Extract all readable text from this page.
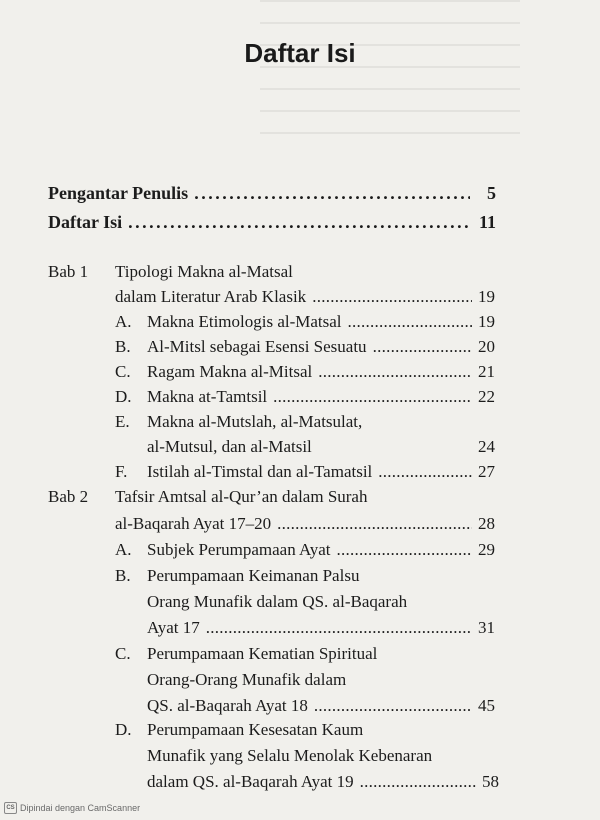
Daftar Isi
Pengantar Penulis . . .	5
Daftar Isi . . .	11
Bab 1 Tipologi Makna al-Matsal
dalam Literatur Arab Klasik . . .	19
A. Makna Etimologis al-Matsal . . .	19
B. Al-Mitsl sebagai Esensi Sesuatu . . .	20
C. Ragam Makna al-Mitsal . . .	21
D. Makna at-Tamtsil . . .	22
E. Makna al-Mutslah, al-Matsulat,
al-Mutsul, dan al-Matsil	24
F. Istilah al-Timstal dan al-Tamatsil . . .	27
Bab 2 Tafsir Amtsal al-Qur’an dalam Surah
al-Baqarah Ayat 17–20 . . .	28
A. Subjek Perumpamaan Ayat . . .	29
B. Perumpamaan Keimanan Palsu
Orang Munafik dalam QS. al-Baqarah
Ayat 17 . . .	31
C. Perumpamaan Kematian Spiritual
Orang-Orang Munafik dalam
QS. al-Baqarah Ayat 18 . . .	45
D. Perumpamaan Kesesatan Kaum
Munafik yang Selalu Menolak Kebenaran
dalam QS. al-Baqarah Ayat 19 . . .	58
CS Dipindai dengan CamScanner
